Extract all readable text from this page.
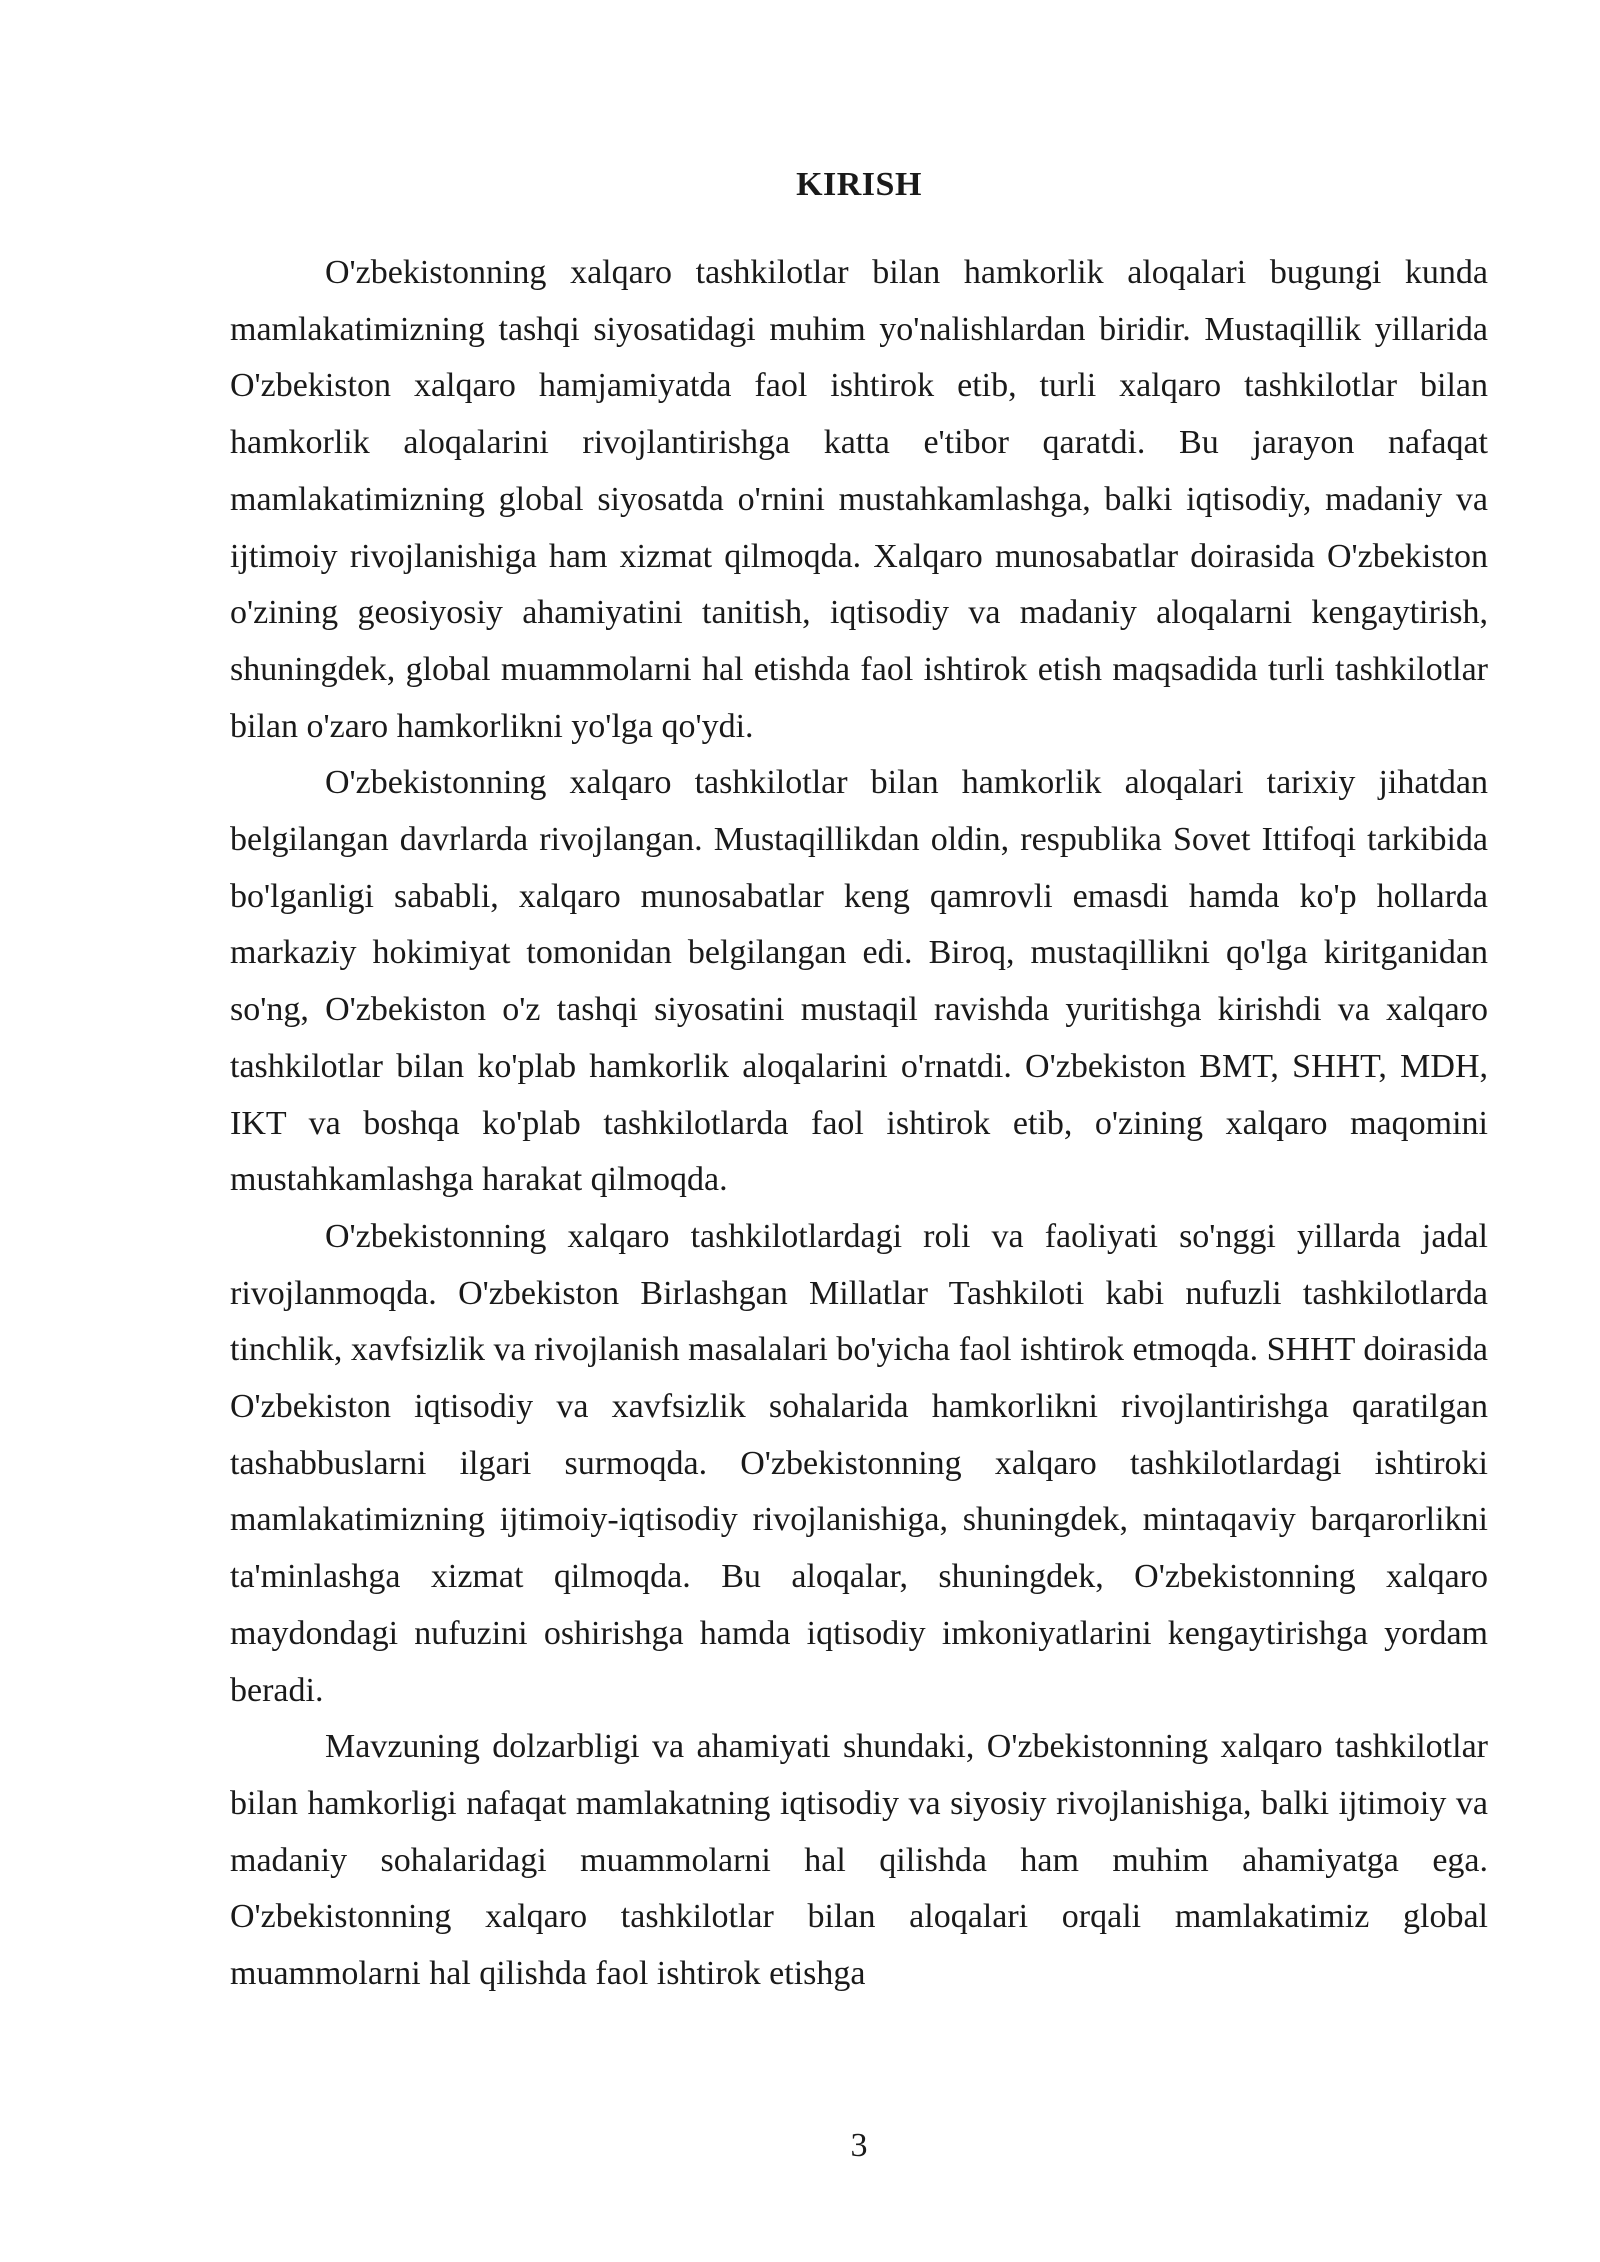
KIRISH

O'zbekistonning xalqaro tashkilotlar bilan hamkorlik aloqalari bugungi kunda mamlakatimizning tashqi siyosatidagi muhim yo'nalishlardan biridir. Mustaqillik yillarida O'zbekiston xalqaro hamjamiyatda faol ishtirok etib, turli xalqaro tashkilotlar bilan hamkorlik aloqalarini rivojlantirishga katta e'tibor qaratdi. Bu jarayon nafaqat mamlakatimizning global siyosatda o'rnini mustahkamlashga, balki iqtisodiy, madaniy va ijtimoiy rivojlanishiga ham xizmat qilmoqda. Xalqaro munosabatlar doirasida O'zbekiston o'zining geosiyosiy ahamiyatini tanitish, iqtisodiy va madaniy aloqalarni kengaytirish, shuningdek, global muammolarni hal etishda faol ishtirok etish maqsadida turli tashkilotlar bilan o'zaro hamkorlikni yo'lga qo'ydi.

O'zbekistonning xalqaro tashkilotlar bilan hamkorlik aloqalari tarixiy jihatdan belgilangan davrlarda rivojlangan. Mustaqillikdan oldin, respublika Sovet Ittifoqi tarkibida bo'lganligi sababli, xalqaro munosabatlar keng qamrovli emasdi hamda ko'p hollarda markaziy hokimiyat tomonidan belgilangan edi. Biroq, mustaqillikni qo'lga kiritganidan so'ng, O'zbekiston o'z tashqi siyosatini mustaqil ravishda yuritishga kirishdi va xalqaro tashkilotlar bilan ko'plab hamkorlik aloqalarini o'rnatdi. O'zbekiston BMT, SHHT, MDH, IKT va boshqa ko'plab tashkilotlarda faol ishtirok etib, o'zining xalqaro maqomini mustahkamlashga harakat qilmoqda.

O'zbekistonning xalqaro tashkilotlardagi roli va faoliyati so'nggi yillarda jadal rivojlanmoqda. O'zbekiston Birlashgan Millatlar Tashkiloti kabi nufuzli tashkilotlarda tinchlik, xavfsizlik va rivojlanish masalalari bo'yicha faol ishtirok etmoqda. SHHT doirasida O'zbekiston iqtisodiy va xavfsizlik sohalarida hamkorlikni rivojlantirishga qaratilgan tashabbuslarni ilgari surmoqda. O'zbekistonning xalqaro tashkilotlardagi ishtiroki mamlakatimizning ijtimoiy-iqtisodiy rivojlanishiga, shuningdek, mintaqaviy barqarorlikni ta'minlashga xizmat qilmoqda. Bu aloqalar, shuningdek, O'zbekistonning xalqaro maydondagi nufuzini oshirishga hamda iqtisodiy imkoniyatlarini kengaytirishga yordam beradi.

Mavzuning dolzarbligi va ahamiyati shundaki, O'zbekistonning xalqaro tashkilotlar bilan hamkorligi nafaqat mamlakatning iqtisodiy va siyosiy rivojlanishiga, balki ijtimoiy va madaniy sohalaridagi muammolarni hal qilishda ham muhim ahamiyatga ega. O'zbekistonning xalqaro tashkilotlar bilan aloqalari orqali mamlakatimiz global muammolarni hal qilishda faol ishtirok etishga

3
